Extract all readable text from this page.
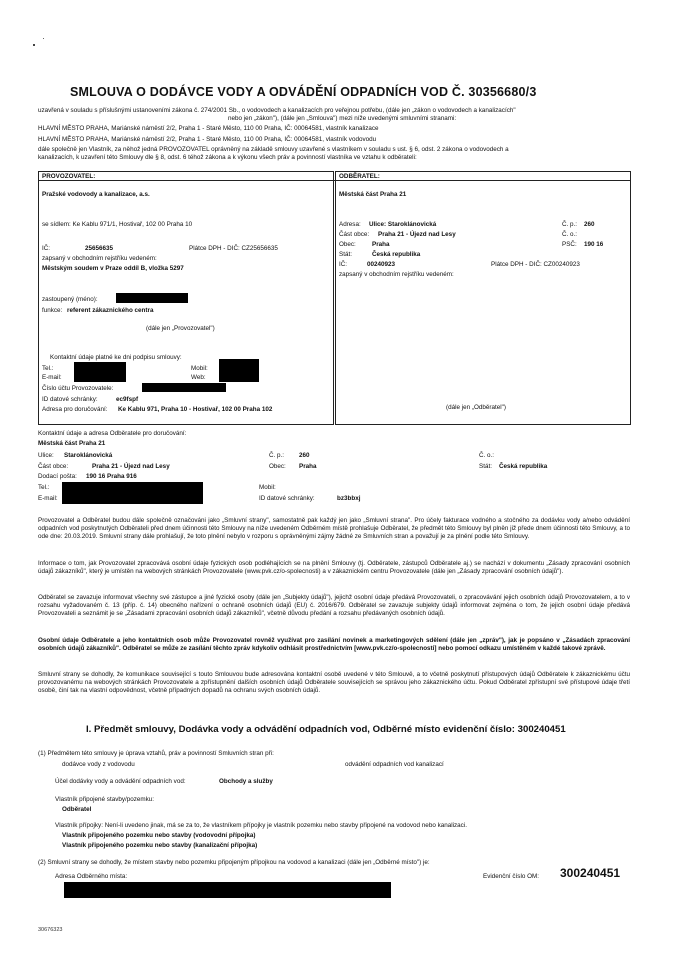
SMLOUVA O DODÁVCE VODY A ODVÁDĚNÍ ODPADNÍCH VOD Č. 30356680/3
uzavřená v souladu s příslušnými ustanoveními zákona č. 274/2001 Sb., o vodovodech a kanalizacích pro veřejnou potřebu, (dále jen „zákon o vodovodech a kanalizacích"
nebo jen „zákon"), (dále jen „Smlouva") mezi níže uvedenými smluvními stranami:
HLAVNÍ MĚSTO PRAHA, Mariánské náměstí 2/2, Praha 1 - Staré Město, 110 00 Praha, IČ: 00064581, vlastník kanalizace
HLAVNÍ MĚSTO PRAHA, Mariánské náměstí 2/2, Praha 1 - Staré Město, 110 00 Praha, IČ: 00064581, vlastník vodovodu
dále společně jen Vlastník, za něhož jedná PROVOZOVATEL oprávněný na základě smlouvy uzavřené s vlastníkem v souladu s ust. § 6, odst. 2 zákona o vodovodech a
kanalizacích, k uzavření této Smlouvy dle § 8, odst. 6 téhož zákona a k výkonu všech práv a povinností vlastníka ve vztahu k odběrateli:
PROVOZOVATEL:
Pražské vodovody a kanalizace, a.s.
se sídlem: Ke Kablu 971/1, Hostivař, 102 00 Praha 10
IČ:	25656635	Plátce DPH - DIČ: CZ25656635
zapsaný v obchodním rejstříku vedeném:
Městským soudem v Praze oddíl B, vložka 5297
zastoupený (méno):
funkce: referent zákaznického centra
(dále jen „Provozovatel")
Kontaktní údaje platné ke dni podpisu smlouvy:
Tel.:
E-mail:
Mobil:
Web:
Číslo účtu Provozovatele:
ID datové schránky:	ec9fspf
Adresa pro doručování: Ke Kablu 971, Praha 10 - Hostivař, 102 00 Praha 102
ODBĚRATEL:
Městská část Praha 21
Adresa: Ulice: Staroklánovická	Č. p.: 260
Část obce: Praha 21 - Újezd nad Lesy	Č. o.:
Obec:	Praha	PSČ: 190 16
Stát:	Česká republika
IČ:	00240923	Plátce DPH - DIČ: CZ00240923
zapsaný v obchodním rejstříku vedeném:
(dále jen „Odběratel")
Kontaktní údaje a adresa Odběratele pro doručování:
Městská část Praha 21
Ulice: Staroklánovická	Č. p.: 260	Č. o.:
Část obce:	Praha 21 - Újezd nad Lesy	Obec: Praha	Stát: Česká republika
Dodací pošta: 190 16 Praha 916
Tel.:
E-mail:
Mobil:
ID datové schránky:	bz3bbxj
Provozovatel a Odběratel budou dále společně označováni jako „Smluvní strany", samostatně pak každý jen jako „Smluvní strana". Pro účely fakturace vodného a stočného za dodávku vody a/nebo odvádění odpadních vod poskytnutých Odběrateli před dnem účinnosti této Smlouvy na níže uvedeném Odběrném místě prohlašuje Odběratel, že předmět této Smlouvy byl plněn již přede dnem účinnosti této Smlouvy, a to ode dne: 20.03.2019. Smluvní strany dále prohlašují, že toto plnění nebylo v rozporu s oprávněnými zájmy žádné ze Smluvních stran a považují je za plnění podle této Smlouvy.
Informace o tom, jak Provozovatel zpracovává osobní údaje fyzických osob podléhajících se na plnění Smlouvy (tj. Odběratele, zástupců Odběratele aj.) se nachází v dokumentu „Zásady zpracování osobních údajů zákazníků", který je umístěn na webových stránkách Provozovatele (www.pvk.cz/o-spolecnosti) a v zákaznickém centru Provozovatele (dále jen „Zásady zpracování osobních údajů").
Odběratel se zavazuje informovat všechny své zástupce a jiné fyzické osoby (dále jen „Subjekty údajů"), jejichž osobní údaje předává Provozovateli, o zpracovávání jejich osobních údajů Provozovatelem, a to v rozsahu vyžadovaném č. 13 (příp. č. 14) obecného nařízení o ochraně osobních údajů (EU) č. 2016/679. Odběratel se zavazuje subjekty údajů informovat zejména o tom, že jejich osobní údaje předává Provozovateli a seznámit je se „Zásadami zpracování osobních údajů zákazníků", včetně důvodu předání a rozsahu předávaných osobních údajů.
Osobní údaje Odběratele a jeho kontaktních osob může Provozovatel rovněž využívat pro zasílání novinek a marketingových sdělení (dále jen „zpráv"), jak je popsáno v „Zásadách zpracování osobních údajů zákazníků". Odběratel se může ze zasílání těchto zpráv kdykoliv odhlásit prostřednictvím [www.pvk.cz/o-spolecnosti] nebo pomocí odkazu umístěném v každé takové zprávě.
Smluvní strany se dohodly, že komunikace související s touto Smlouvou bude adresována kontaktní osobě uvedené v této Smlouvě, a to včetně poskytnutí přístupových údajů Odběratele k zákaznickému účtu provozovanému na webových stránkách Provozovatele a zpřístupnění dalších osobních údajů Odběratele souvisejících se správou jeho zákaznického účtu. Pokud Odběratel zpřístupní své přístupové údaje třetí osobě, činí tak na vlastní odpovědnost, včetně případných dopadů na ochranu svých osobních údajů.
I. Předmět smlouvy, Dodávka vody a odvádění odpadních vod, Odběrné místo evidenční číslo: 300240451
(1) Předmětem této smlouvy je úprava vztahů, práv a povinností Smluvních stran při:
dodávce vody z vodovodu	odvádění odpadních vod kanalizací
Účel dodávky vody a odvádění odpadních vod:	Obchody a služby
Vlastník připojené stavby/pozemku:
Odběratel
Vlastník přípojky: Není-li uvedeno jinak, má se za to, že vlastníkem přípojky je vlastník pozemku nebo stavby připojené na vodovod nebo kanalizaci.
Vlastník připojeného pozemku nebo stavby (vodovodní přípojka)
Vlastník připojeného pozemku nebo stavby (kanalizační přípojka)
(2) Smluvní strany se dohodly, že místem stavby nebo pozemku připojeným přípojkou na vodovod a kanalizaci (dále jen „Odběrné místo") je:
Adresa Odběrného místa:	Evidenční číslo OM: 300240451
30676323
